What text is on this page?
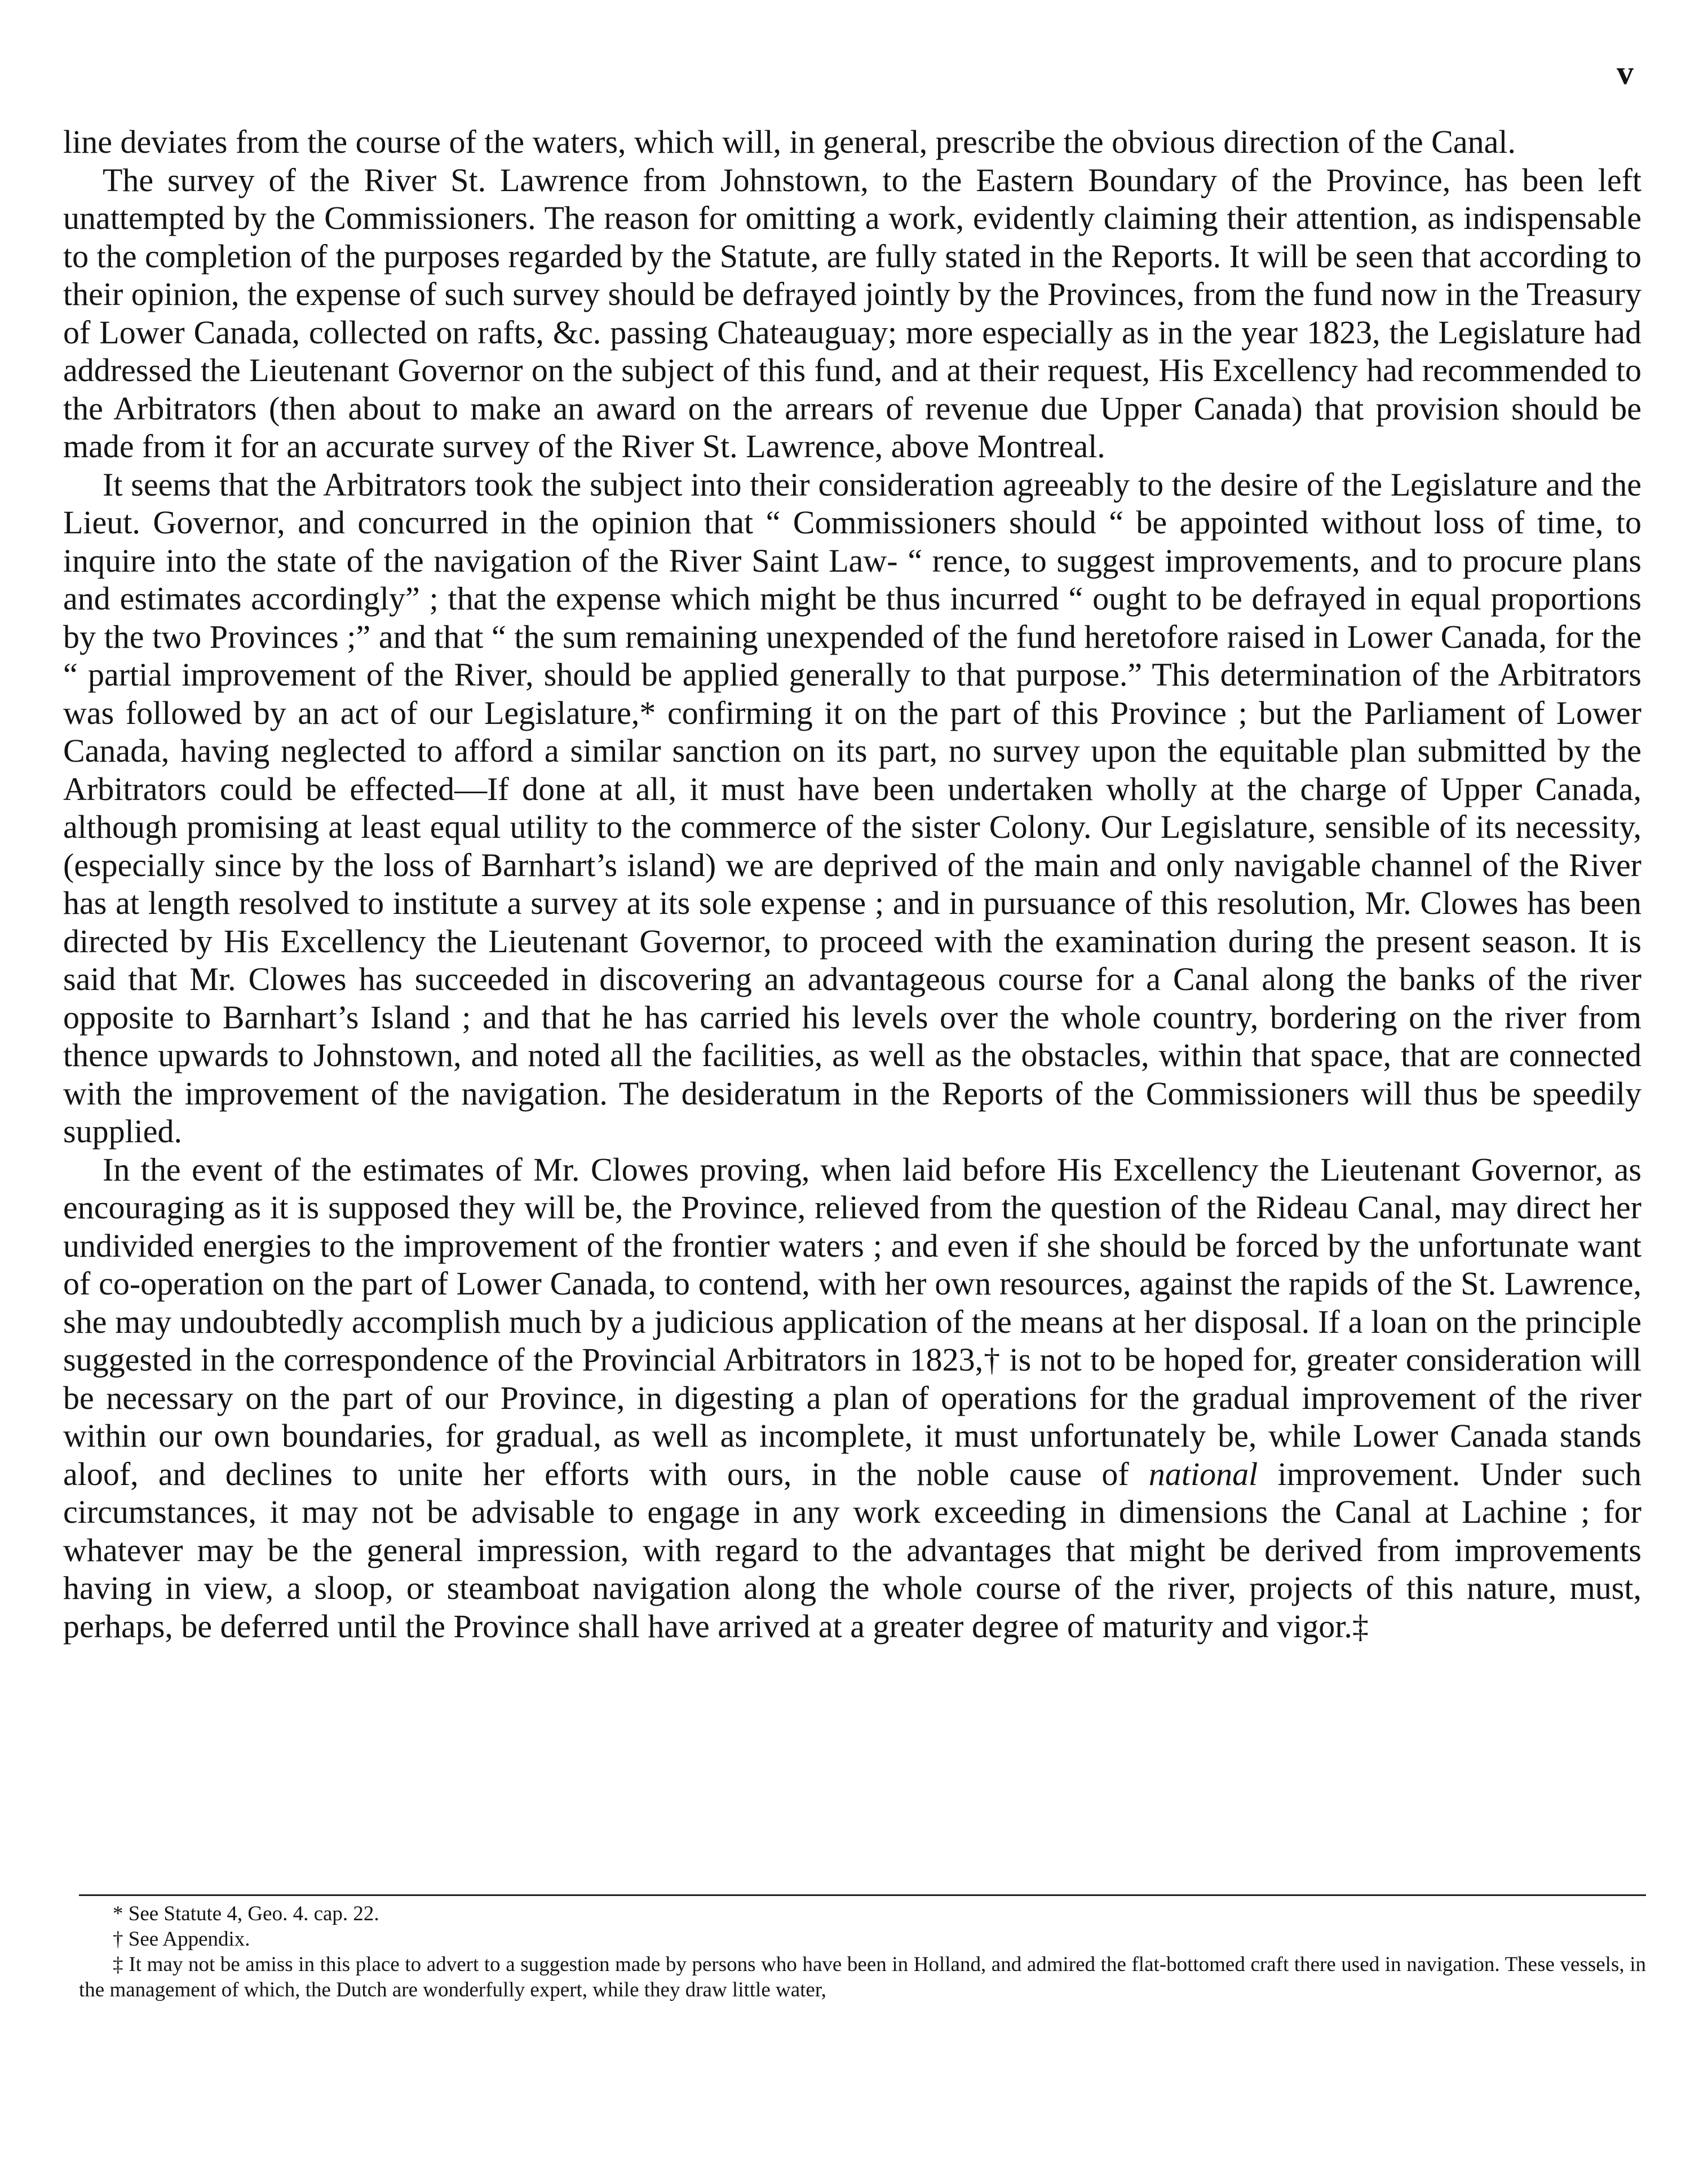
v

line deviates from the course of the waters, which will, in general, prescribe the obvious direction of the Canal.

The survey of the River St. Lawrence from Johnstown, to the Eastern Boundary of the Province, has been left unattempted by the Commissioners. The reason for omitting a work, evidently claiming their attention, as indispensable to the completion of the purposes regarded by the Statute, are fully stated in the Reports. It will be seen that according to their opinion, the expense of such survey should be defrayed jointly by the Provinces, from the fund now in the Treasury of Lower Canada, collected on rafts, &c. passing Chateauguay; more especially as in the year 1823, the Legislature had addressed the Lieutenant Governor on the subject of this fund, and at their request, His Excellency had recommended to the Arbitrators (then about to make an award on the arrears of revenue due Upper Canada) that provision should be made from it for an accurate survey of the River St. Lawrence, above Montreal.

It seems that the Arbitrators took the subject into their consideration agreeably to the desire of the Legislature and the Lieut. Governor, and concurred in the opinion that “ Commissioners should “ be appointed without loss of time, to inquire into the state of the navigation of the River Saint Law- “ rence, to suggest improvements, and to procure plans and estimates accordingly” ; that the expense which might be thus incurred “ ought to be defrayed in equal proportions by the two Provinces ;” and that “ the sum remaining unexpended of the fund heretofore raised in Lower Canada, for the “ partial improvement of the River, should be applied generally to that purpose.” This determination of the Arbitrators was followed by an act of our Legislature,* confirming it on the part of this Province ; but the Parliament of Lower Canada, having neglected to afford a similar sanction on its part, no survey upon the equitable plan submitted by the Arbitrators could be effected—If done at all, it must have been undertaken wholly at the charge of Upper Canada, although promising at least equal utility to the commerce of the sister Colony. Our Legislature, sensible of its necessity, (especially since by the loss of Barnhart’s island) we are deprived of the main and only navigable channel of the River has at length resolved to institute a survey at its sole expense ; and in pursuance of this resolution, Mr. Clowes has been directed by His Excellency the Lieutenant Governor, to proceed with the examination during the present season. It is said that Mr. Clowes has succeeded in discovering an advantageous course for a Canal along the banks of the river opposite to Barnhart’s Island ; and that he has carried his levels over the whole country, bordering on the river from thence upwards to Johnstown, and noted all the facilities, as well as the obstacles, within that space, that are connected with the improvement of the navigation. The desideratum in the Reports of the Commissioners will thus be speedily supplied.

In the event of the estimates of Mr. Clowes proving, when laid before His Excellency the Lieutenant Governor, as encouraging as it is supposed they will be, the Province, relieved from the question of the Rideau Canal, may direct her undivided energies to the improvement of the frontier waters ; and even if she should be forced by the unfortunate want of co-operation on the part of Lower Canada, to contend, with her own resources, against the rapids of the St. Lawrence, she may undoubtedly accomplish much by a judicious application of the means at her disposal. If a loan on the principle suggested in the correspondence of the Provincial Arbitrators in 1823,† is not to be hoped for, greater consideration will be necessary on the part of our Province, in digesting a plan of operations for the gradual improvement of the river within our own boundaries, for gradual, as well as incomplete, it must unfortunately be, while Lower Canada stands aloof, and declines to unite her efforts with ours, in the noble cause of national improvement. Under such circumstances, it may not be advisable to engage in any work exceeding in dimensions the Canal at Lachine ; for whatever may be the general impression, with regard to the advantages that might be derived from improvements having in view, a sloop, or steamboat navigation along the whole course of the river, projects of this nature, must, perhaps, be deferred until the Province shall have arrived at a greater degree of maturity and vigor.‡

* See Statute 4, Geo. 4. cap. 22.

† See Appendix.

‡ It may not be amiss in this place to advert to a suggestion made by persons who have been in Holland, and admired the flat-bottomed craft there used in navigation. These vessels, in the management of which, the Dutch are wonderfully expert, while they draw little water,
